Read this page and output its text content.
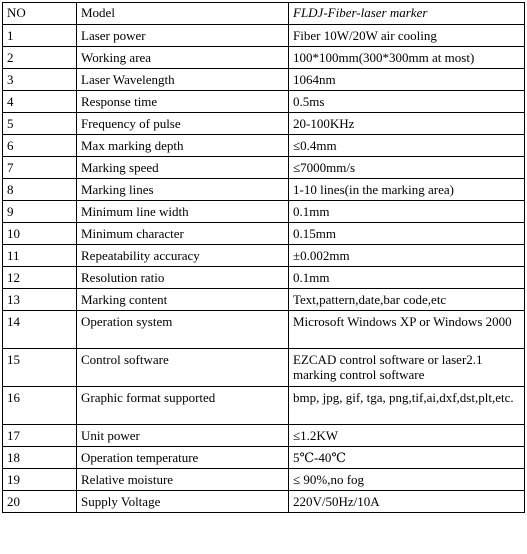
NO	Model	FLDJ-Fiber-laser marker
1	Laser power	Fiber 10W/20W air cooling
2	Working area	100*100mm(300*300mm at most)
3	Laser Wavelength	1064nm
4	Response time	0.5ms
5	Frequency of pulse	20-100KHz
6	Max marking depth	≤0.4mm
7	Marking speed	≤7000mm/s
8	Marking lines	1-10 lines(in the marking area)
9	Minimum line width	0.1mm
10	Minimum character	0.15mm
11	Repeatability accuracy	±0.002mm
12	Resolution ratio	0.1mm
13	Marking content	Text,pattern,date,bar code,etc
14	Operation system	Microsoft Windows XP or Windows 2000
15	Control software	EZCAD control software or laser2.1 marking control software
16	Graphic format supported	bmp, jpg, gif, tga, png,tif,ai,dxf,dst,plt,etc.
17	Unit power	≤1.2KW
18	Operation temperature	5℃-40℃
19	Relative moisture	≤ 90%,no fog
20	Supply Voltage	220V/50Hz/10A
